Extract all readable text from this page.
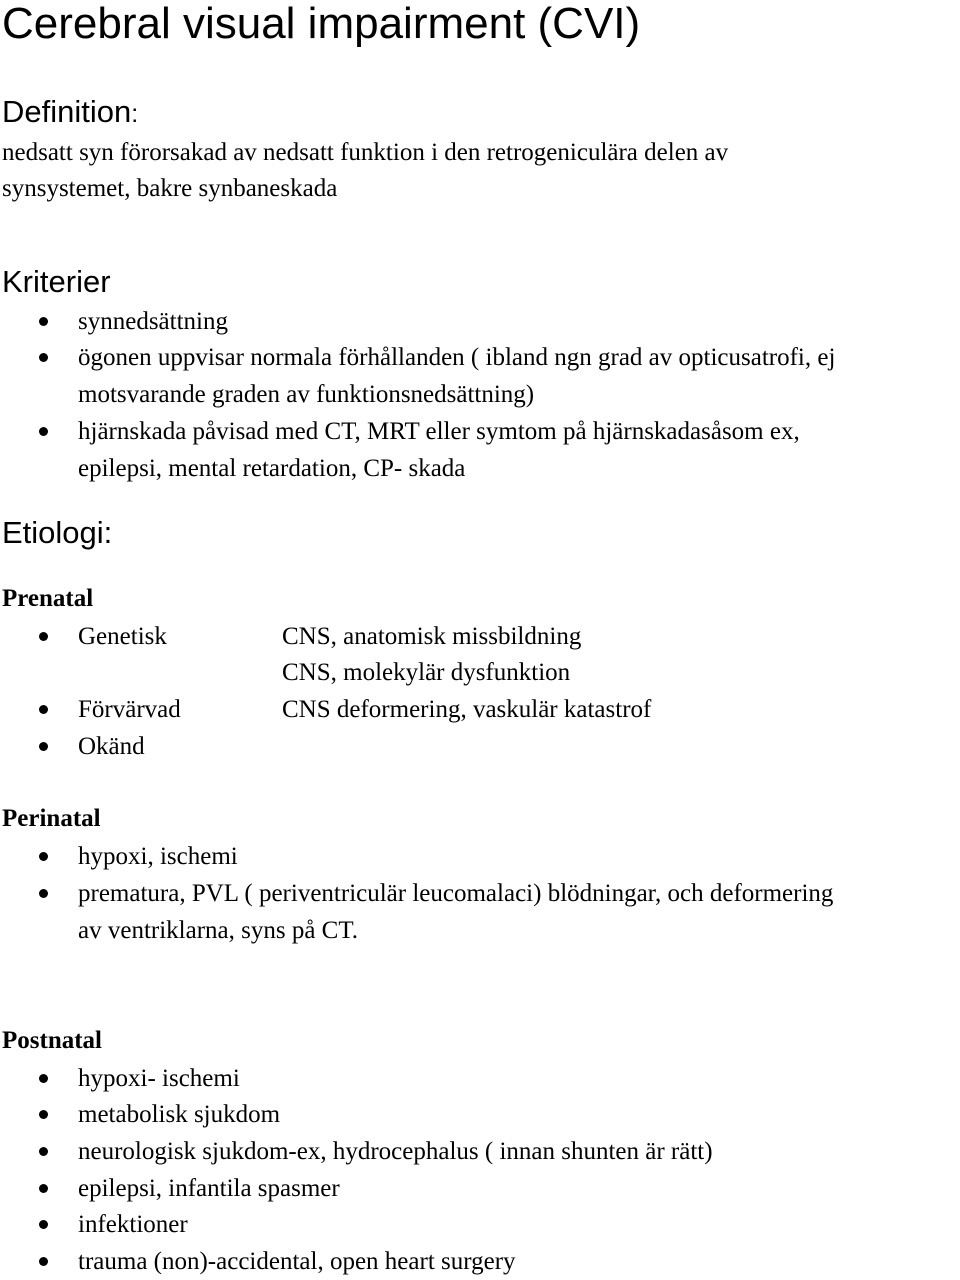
Cerebral visual impairment (CVI)
Definition:
nedsatt syn förorsakad av nedsatt funktion i den retrogeniculära delen av
synsystemet, bakre synbaneskada
Kriterier
synnedsättning
ögonen uppvisar normala förhållanden ( ibland ngn grad av opticusatrofi, ej
motsvarande graden av funktionsnedsättning)
hjärnskada påvisad med CT, MRT eller symtom på hjärnskadasåsom ex,
epilepsi, mental retardation, CP- skada
Etiologi:
Prenatal
Genetisk	CNS, anatomisk missbildning
CNS, molekylär dysfunktion
Förvärvad	CNS deformering, vaskulär katastrof
Okänd
Perinatal
hypoxi, ischemi
prematura, PVL ( periventriculär leucomalaci) blödningar, och deformering
av ventriklarna, syns på CT.
Postnatal
hypoxi- ischemi
metabolisk sjukdom
neurologisk sjukdom-ex, hydrocephalus ( innan shunten är rätt)
epilepsi, infantila spasmer
infektioner
trauma (non)-accidental, open heart surgery
